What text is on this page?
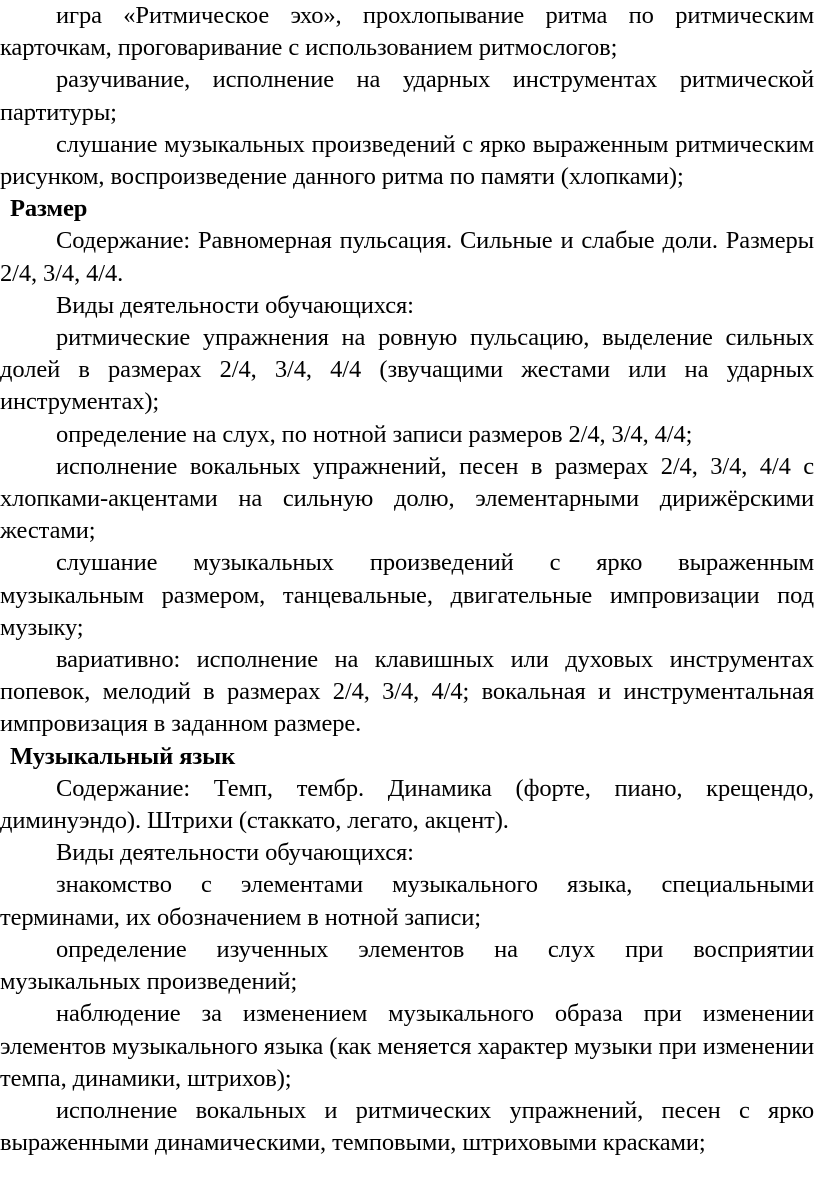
игра «Ритмическое эхо», прохлопывание ритма по ритмическим карточкам, проговаривание с использованием ритмослогов;

разучивание, исполнение на ударных инструментах ритмической партитуры;

слушание музыкальных произведений с ярко выраженным ритмическим рисунком, воспроизведение данного ритма по памяти (хлопками);

Размер

Содержание: Равномерная пульсация. Сильные и слабые доли. Размеры 2/4, 3/4, 4/4.

Виды деятельности обучающихся:

ритмические упражнения на ровную пульсацию, выделение сильных долей в размерах 2/4, 3/4, 4/4 (звучащими жестами или на ударных инструментах);

определение на слух, по нотной записи размеров 2/4, 3/4, 4/4;

исполнение вокальных упражнений, песен в размерах 2/4, 3/4, 4/4 с хлопками-акцентами на сильную долю, элементарными дирижёрскими жестами;

слушание музыкальных произведений с ярко выраженным музыкальным размером, танцевальные, двигательные импровизации под музыку;

вариативно: исполнение на клавишных или духовых инструментах попевок, мелодий в размерах 2/4, 3/4, 4/4; вокальная и инструментальная импровизация в заданном размере.

Музыкальный язык

Содержание: Темп, тембр. Динамика (форте, пиано, крещендо, диминуэндо). Штрихи (стаккато, легато, акцент).

Виды деятельности обучающихся:

знакомство с элементами музыкального языка, специальными терминами, их обозначением в нотной записи;

определение изученных элементов на слух при восприятии музыкальных произведений;

наблюдение за изменением музыкального образа при изменении элементов музыкального языка (как меняется характер музыки при изменении темпа, динамики, штрихов);

исполнение вокальных и ритмических упражнений, песен с ярко выраженными динамическими, темповыми, штриховыми красками;
